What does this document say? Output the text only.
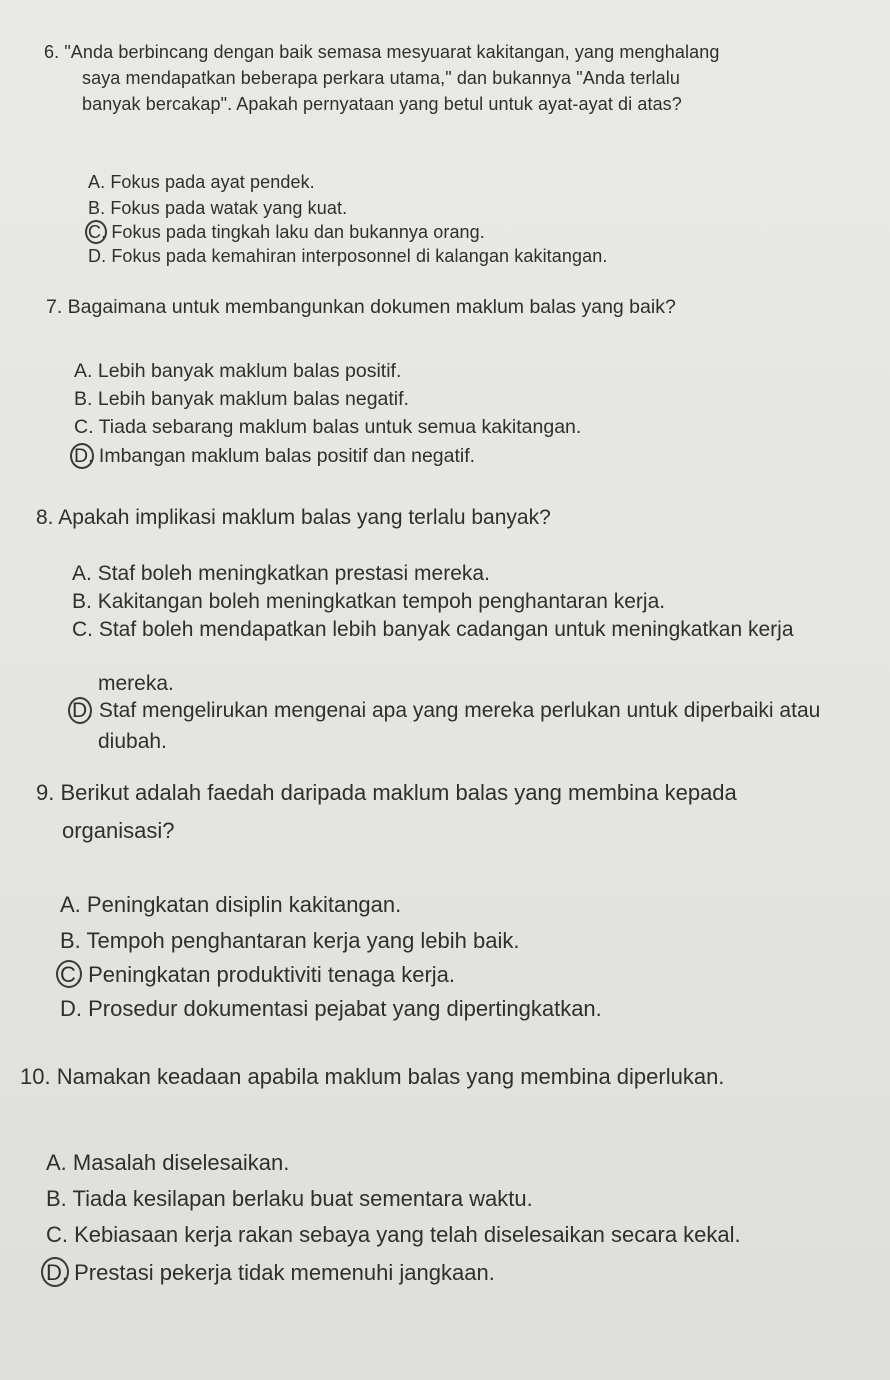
6. "Anda berbincang dengan baik semasa mesyuarat kakitangan, yang menghalang
saya mendapatkan beberapa perkara utama," dan bukannya "Anda terlalu
banyak bercakap". Apakah pernyataan yang betul untuk ayat-ayat di atas?
A. Fokus pada ayat pendek.
B. Fokus pada watak yang kuat.
C. Fokus pada tingkah laku dan bukannya orang.
D. Fokus pada kemahiran interposonnel di kalangan kakitangan.
7. Bagaimana untuk membangunkan dokumen maklum balas yang baik?
A. Lebih banyak maklum balas positif.
B. Lebih banyak maklum balas negatif.
C. Tiada sebarang maklum balas untuk semua kakitangan.
D. Imbangan maklum balas positif dan negatif.
8. Apakah implikasi maklum balas yang terlalu banyak?
A. Staf boleh meningkatkan prestasi mereka.
B. Kakitangan boleh meningkatkan tempoh penghantaran kerja.
C. Staf boleh mendapatkan lebih banyak cadangan untuk meningkatkan kerja
mereka.
D. Staf mengelirukan mengenai apa yang mereka perlukan untuk diperbaiki atau
diubah.
9. Berikut adalah faedah daripada maklum balas yang membina kepada
organisasi?
A. Peningkatan disiplin kakitangan.
B. Tempoh penghantaran kerja yang lebih baik.
C. Peningkatan produktiviti tenaga kerja.
D. Prosedur dokumentasi pejabat yang dipertingkatkan.
10. Namakan keadaan apabila maklum balas yang membina diperlukan.
A. Masalah diselesaikan.
B. Tiada kesilapan berlaku buat sementara waktu.
C. Kebiasaan kerja rakan sebaya yang telah diselesaikan secara kekal.
D. Prestasi pekerja tidak memenuhi jangkaan.
